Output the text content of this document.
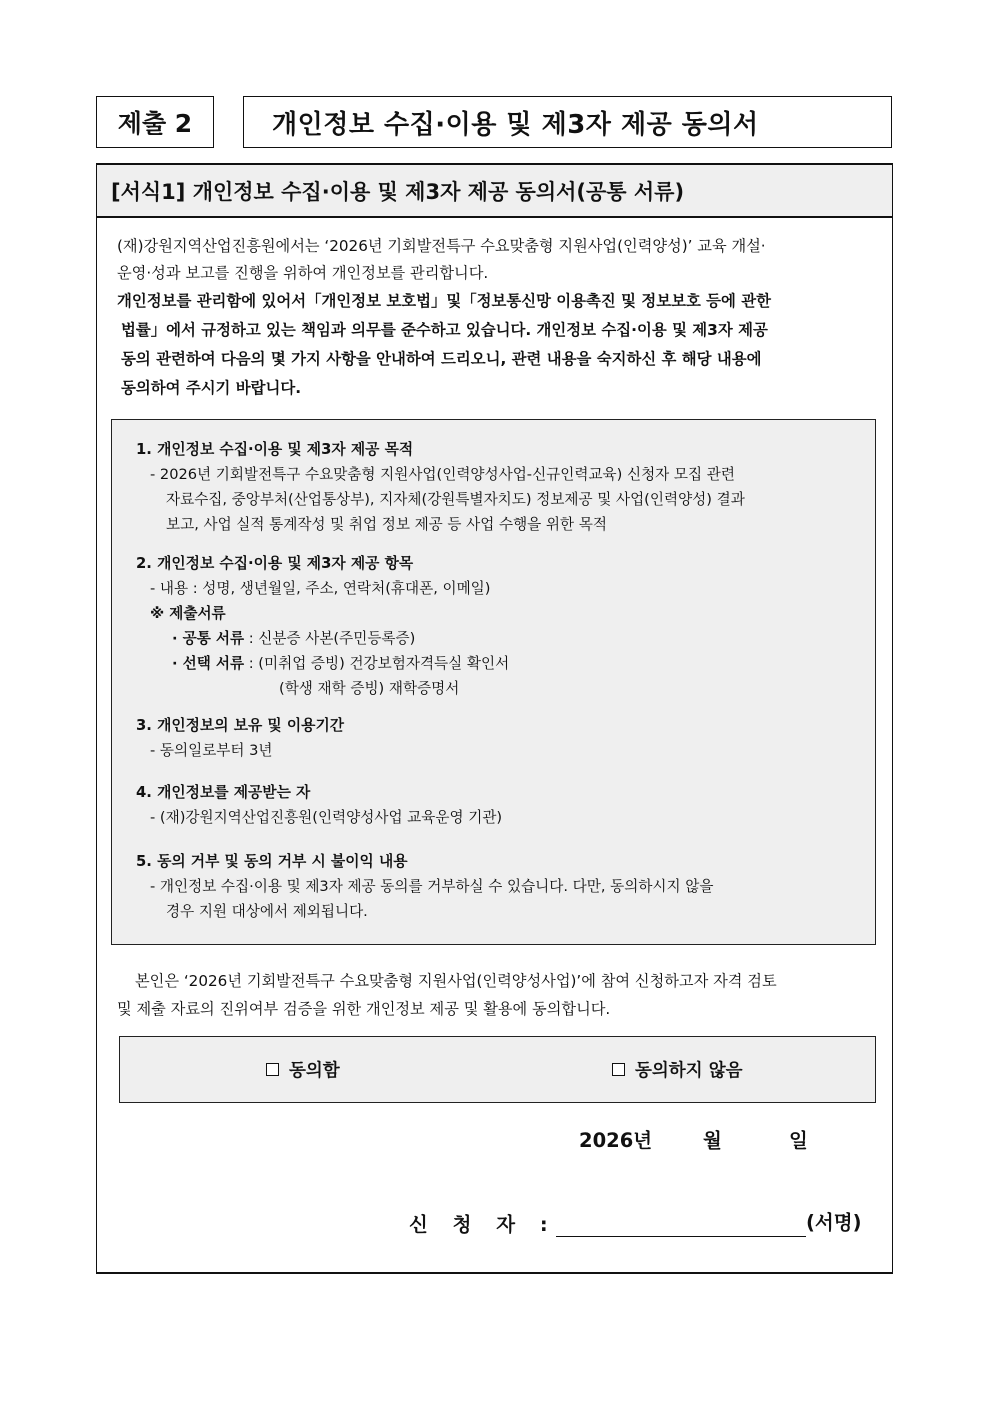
제출 2	개인정보 수집·이용 및 제3자 제공 동의서
[서식1] 개인정보 수집·이용 및 제3자 제공 동의서(공통 서류)
(재)강원지역산업진흥원에서는 ‘2026년 기회발전특구 수요맞춤형 지원사업(인력양성)’ 교육 개설·
운영·성과 보고를 진행을 위하여 개인정보를 관리합니다.
개인정보를 관리함에 있어서「개인정보 보호법」및「정보통신망 이용촉진 및 정보보호 등에 관한
법률」에서 규정하고 있는 책임과 의무를 준수하고 있습니다. 개인정보 수집·이용 및 제3자 제공
동의 관련하여 다음의 몇 가지 사항을 안내하여 드리오니, 관련 내용을 숙지하신 후 해당 내용에
동의하여 주시기 바랍니다.
1. 개인정보 수집·이용 및 제3자 제공 목적
- 2026년 기회발전특구 수요맞춤형 지원사업(인력양성사업-신규인력교육) 신청자 모집 관련
자료수집, 중앙부처(산업통상부), 지자체(강원특별자치도) 정보제공 및 사업(인력양성) 결과
보고, 사업 실적 통계작성 및 취업 정보 제공 등 사업 수행을 위한 목적
2. 개인정보 수집·이용 및 제3자 제공 항목
- 내용 : 성명, 생년월일, 주소, 연락처(휴대폰, 이메일)
※ 제출서류
· 공통 서류 : 신분증 사본(주민등록증)
· 선택 서류 : (미취업 증빙) 건강보험자격득실 확인서
(학생 재학 증빙) 재학증명서
3. 개인정보의 보유 및 이용기간
- 동의일로부터 3년
4. 개인정보를 제공받는 자
- (재)강원지역산업진흥원(인력양성사업 교육운영 기관)
5. 동의 거부 및 동의 거부 시 불이익 내용
- 개인정보 수집·이용 및 제3자 제공 동의를 거부하실 수 있습니다. 다만, 동의하시지 않을
경우 지원 대상에서 제외됩니다.
본인은 ‘2026년 기회발전특구 수요맞춤형 지원사업(인력양성사업)’에 참여 신청하고자 자격 검토
및 제출 자료의 진위여부 검증을 위한 개인정보 제공 및 활용에 동의합니다.
동의함	동의하지 않음
2026년	월	일
신 청 자 :	(서명)
